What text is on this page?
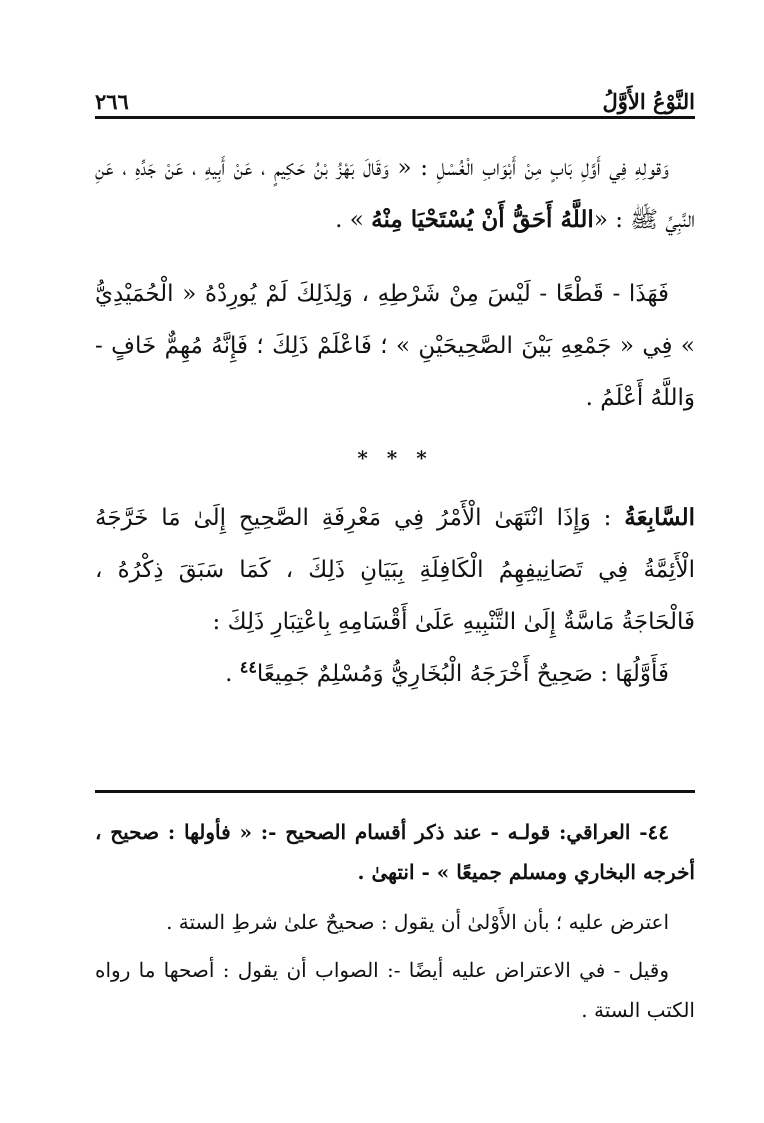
النَّوْعُ الأَوَّلُ
٢٦٦

وَقولِهِ فِي أَوَّلِ بَابٍ مِنْ أَبْوَابِ الْغُسْلِ : « وَقَالَ بَهْزُ بْنُ حَكِيمٍ ، عَنْ أَبِيهِ ، عَنْ جَدِّهِ ، عَنِ النَّبِيِّ ﷺ : «اللَّهُ أَحَقُّ أَنْ يُسْتَحْيَا مِنْهُ » .

فَهَذَا - قَطْعًا - لَيْسَ مِنْ شَرْطِهِ ، وَلِذَلِكَ لَمْ يُورِدْهُ « الْحُمَيْدِيُّ » فِي « جَمْعِهِ بَيْنَ الصَّحِيحَيْنِ » ؛ فَاعْلَمْ ذَلِكَ ؛ فَإِنَّهُ مُهِمٌّ خَافٍ - وَاللَّهُ أَعْلَمُ .

* * *

السَّابِعَةُ : وَإِذَا انْتَهَىٰ الْأَمْرُ فِي مَعْرِفَةِ الصَّحِيحِ إِلَىٰ مَا خَرَّجَهُ الْأَئِمَّةُ فِي تَصَانِيفِهِمُ الْكَافِلَةِ بِبَيَانِ ذَلِكَ ، كَمَا سَبَقَ ذِكْرُهُ ، فَالْحَاجَةُ مَاسَّةٌ إِلَىٰ التَّنْبِيهِ عَلَىٰ أَقْسَامِهِ بِاعْتِبَارِ ذَلِكَ :

فَأَوَّلُهَا : صَحِيحٌ أَخْرَجَهُ الْبُخَارِيُّ وَمُسْلِمٌ جَمِيعًا$^{٤٤}$ .

٤٤- العراقي: قولـه - عند ذكر أقسام الصحيح -: « فأولها : صحيح ، أخرجه البخاري ومسلم جميعًا » - انتهىٰ .

اعترض عليه ؛ بأن الأَوْلىٰ أن يقول : صحيحٌ علىٰ شرطِ الستة .

وقيل - في الاعتراض عليه أيضًا -: الصواب أن يقول : أصحها ما رواه الكتب الستة .
